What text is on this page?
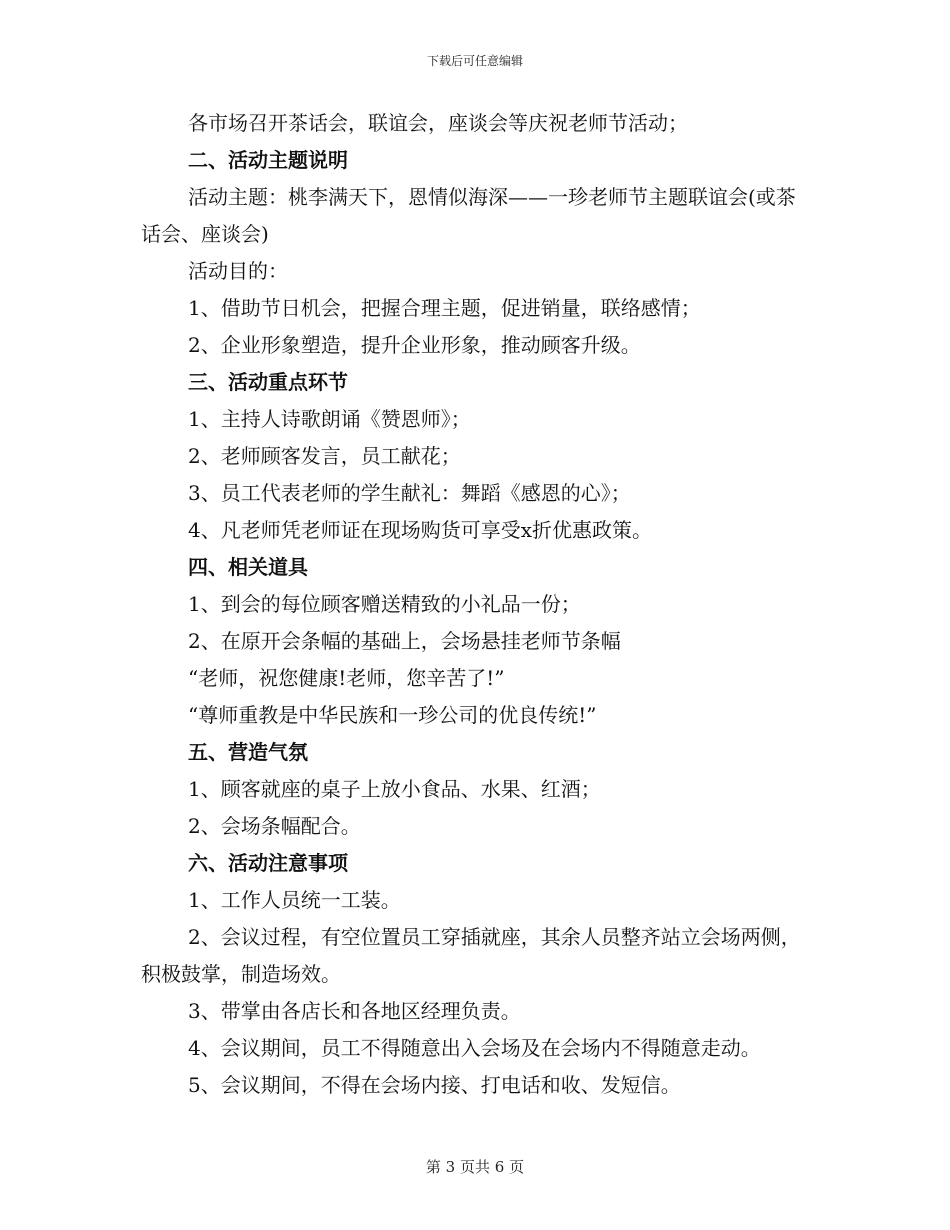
下载后可任意编辑
各市场召开茶话会，联谊会，座谈会等庆祝老师节活动；
二、活动主题说明
活动主题：桃李满天下，恩情似海深——一珍老师节主题联谊会(或茶话会、座谈会)
活动目的：
1、借助节日机会，把握合理主题，促进销量，联络感情；
2、企业形象塑造，提升企业形象，推动顾客升级。
三、活动重点环节
1、主持人诗歌朗诵《赞恩师》；
2、老师顾客发言，员工献花；
3、员工代表老师的学生献礼：舞蹈《感恩的心》；
4、凡老师凭老师证在现场购货可享受x折优惠政策。
四、相关道具
1、到会的每位顾客赠送精致的小礼品一份；
2、在原开会条幅的基础上，会场悬挂老师节条幅
“老师，祝您健康!老师，您辛苦了!”
“尊师重教是中华民族和一珍公司的优良传统!”
五、营造气氛
1、顾客就座的桌子上放小食品、水果、红酒；
2、会场条幅配合。
六、活动注意事项
1、工作人员统一工装。
2、会议过程，有空位置员工穿插就座，其余人员整齐站立会场两侧，积极鼓掌，制造场效。
3、带掌由各店长和各地区经理负责。
4、会议期间，员工不得随意出入会场及在会场内不得随意走动。
5、会议期间，不得在会场内接、打电话和收、发短信。
第 3 页共 6 页
